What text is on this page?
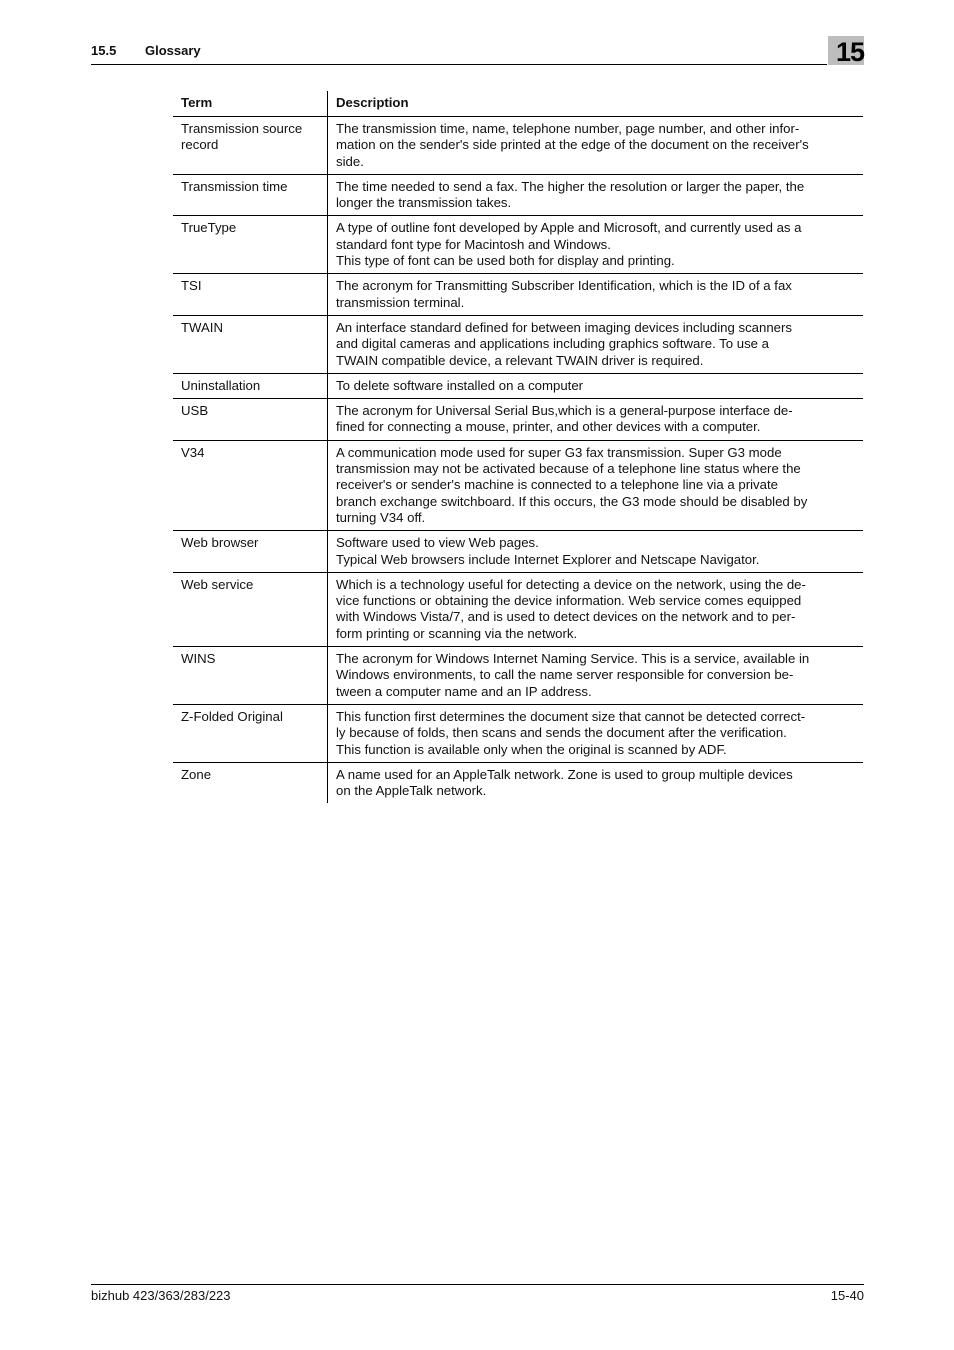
15.5 Glossary	15
Term	Description
Transmission source record	The transmission time, name, telephone number, page number, and other infor-
mation on the sender's side printed at the edge of the document on the receiver's
side.

Transmission time	The time needed to send a fax. The higher the resolution or larger the paper, the
longer the transmission takes.

TrueType	A type of outline font developed by Apple and Microsoft, and currently used as a
standard font type for Macintosh and Windows.
This type of font can be used both for display and printing.

TSI	The acronym for Transmitting Subscriber Identification, which is the ID of a fax
transmission terminal.

TWAIN	An interface standard defined for between imaging devices including scanners
and digital cameras and applications including graphics software. To use a
TWAIN compatible device, a relevant TWAIN driver is required.

Uninstallation	To delete software installed on a computer

USB	The acronym for Universal Serial Bus,which is a general-purpose interface de-
fined for connecting a mouse, printer, and other devices with a computer.

V34	A communication mode used for super G3 fax transmission. Super G3 mode
transmission may not be activated because of a telephone line status where the
receiver's or sender's machine is connected to a telephone line via a private
branch exchange switchboard. If this occurs, the G3 mode should be disabled by
turning V34 off.

Web browser	Software used to view Web pages.
Typical Web browsers include Internet Explorer and Netscape Navigator.

Web service	Which is a technology useful for detecting a device on the network, using the de-
vice functions or obtaining the device information. Web service comes equipped
with Windows Vista/7, and is used to detect devices on the network and to per-
form printing or scanning via the network.

WINS	The acronym for Windows Internet Naming Service. This is a service, available in
Windows environments, to call the name server responsible for conversion be-
tween a computer name and an IP address.

Z-Folded Original	This function first determines the document size that cannot be detected correct-
ly because of folds, then scans and sends the document after the verification.
This function is available only when the original is scanned by ADF.

Zone	A name used for an AppleTalk network. Zone is used to group multiple devices
on the AppleTalk network.
bizhub 423/363/283/223	15-40
